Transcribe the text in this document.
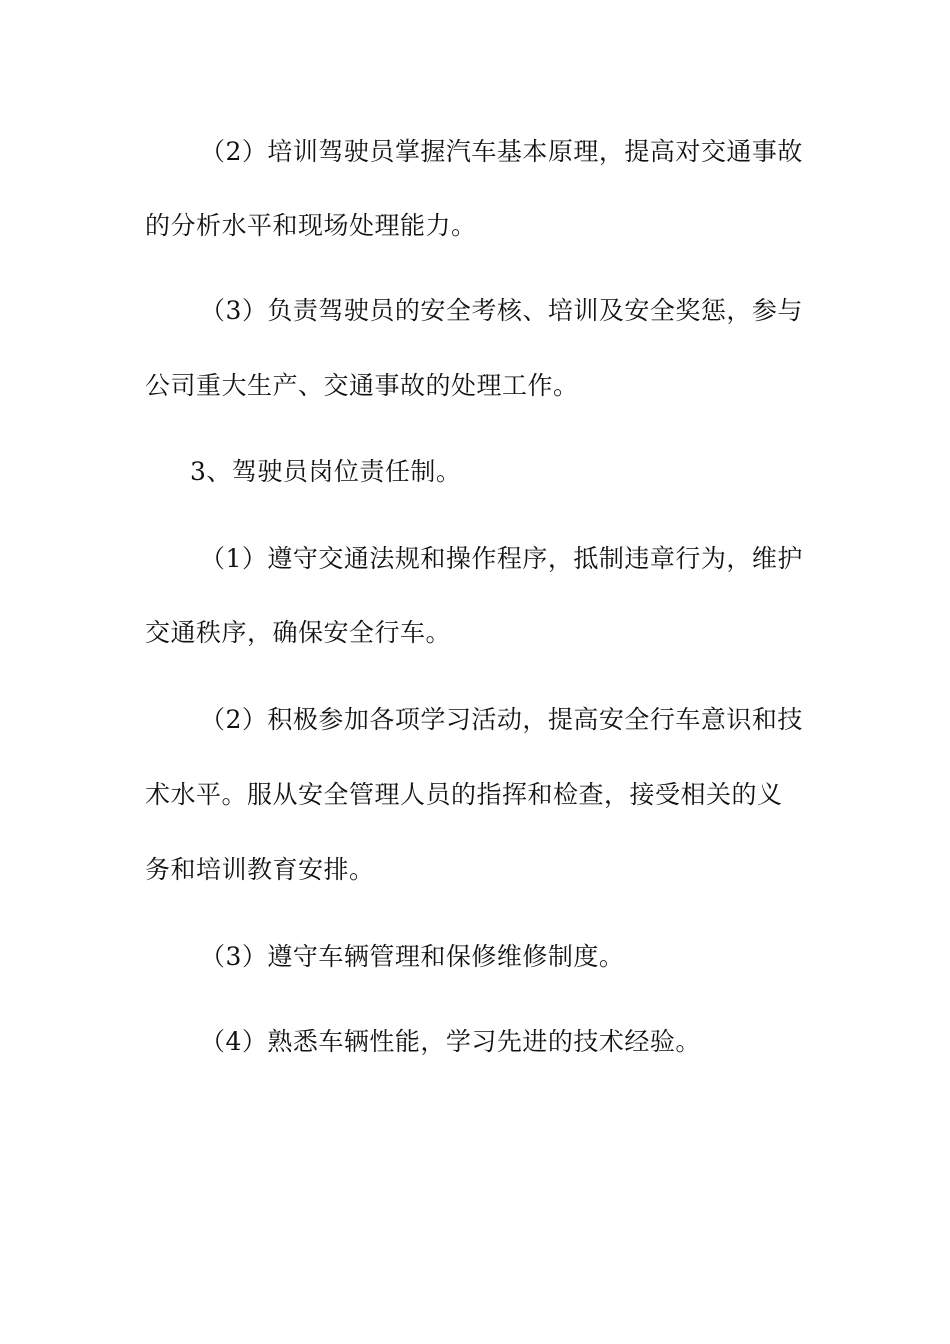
（2）培训驾驶员掌握汽车基本原理，提高对交通事故
的分析水平和现场处理能力。
（3）负责驾驶员的安全考核、培训及安全奖惩，参与
公司重大生产、交通事故的处理工作。
3、驾驶员岗位责任制。
（1）遵守交通法规和操作程序，抵制违章行为，维护
交通秩序，确保安全行车。
（2）积极参加各项学习活动，提高安全行车意识和技
术水平。服从安全管理人员的指挥和检查，接受相关的义
务和培训教育安排。
（3）遵守车辆管理和保修维修制度。
（4）熟悉车辆性能，学习先进的技术经验。
